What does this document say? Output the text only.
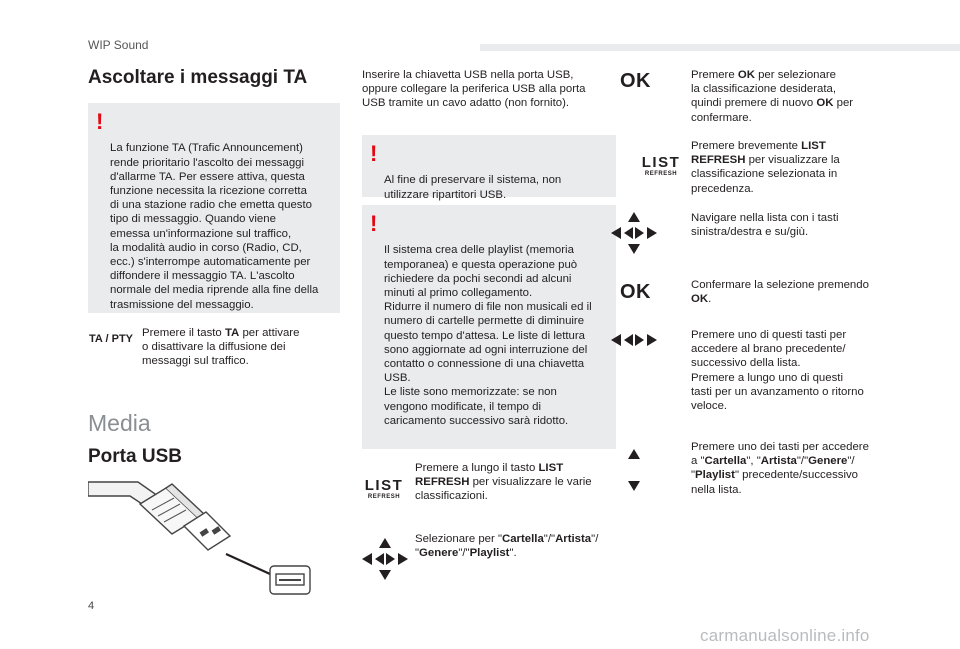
WIP Sound
Ascoltare i messaggi TA

!

La funzione TA (Trafic Announcement)
rende prioritario l'ascolto dei messaggi
d'allarme TA. Per essere attiva, questa
funzione necessita la ricezione corretta
di una stazione radio che emetta questo
tipo di messaggio. Quando viene
emessa un'informazione sul traffico,
la modalità audio in corso (Radio, CD,
ecc.) s'interrompe automaticamente per
diffondere il messaggio TA. L'ascolto
normale del media riprende alla fine della
trasmissione del messaggio.

TA / PTY Premere il tasto TA per attivare
o disattivare la diffusione dei
messaggi sul traffico.
Media
Porta USB
Inserire la chiavetta USB nella porta USB,
oppure collegare la periferica USB alla porta
USB tramite un cavo adatto (non fornito).

!

Al fine di preservare il sistema, non
utilizzare ripartitori USB.

!

Il sistema crea delle playlist (memoria
temporanea) e questa operazione può
richiedere da pochi secondi ad alcuni
minuti al primo collegamento.
Ridurre il numero di file non musicali ed il
numero di cartelle permette di diminuire
questo tempo d'attesa. Le liste di lettura
sono aggiornate ad ogni interruzione del
contatto o connessione di una chiavetta
USB.
Le liste sono memorizzate: se non
vengono modificate, il tempo di
caricamento successivo sarà ridotto.

LIST
REFRESH
Premere a lungo il tasto LIST
REFRESH per visualizzare le varie
classificazioni.
Selezionare per "Cartella"/"Artista"/
"Genere"/"Playlist".
OK	Premere OK per selezionare
la classificazione desiderata,
quindi premere di nuovo OK per
confermare.
LIST
REFRESH
Premere brevemente LIST
REFRESH per visualizzare la
classificazione selezionata in
precedenza.
Navigare nella lista con i tasti
sinistra/destra e su/giù.
OK	Confermare la selezione premendo
OK.
Premere uno di questi tasti per
accedere al brano precedente/
successivo della lista.
Premere a lungo uno di questi
tasti per un avanzamento o ritorno
veloce.
Premere uno dei tasti per accedere
a "Cartella", "Artista"/"Genere"/
"Playlist" precedente/successivo
nella lista.
4
carmanualsonline.info
